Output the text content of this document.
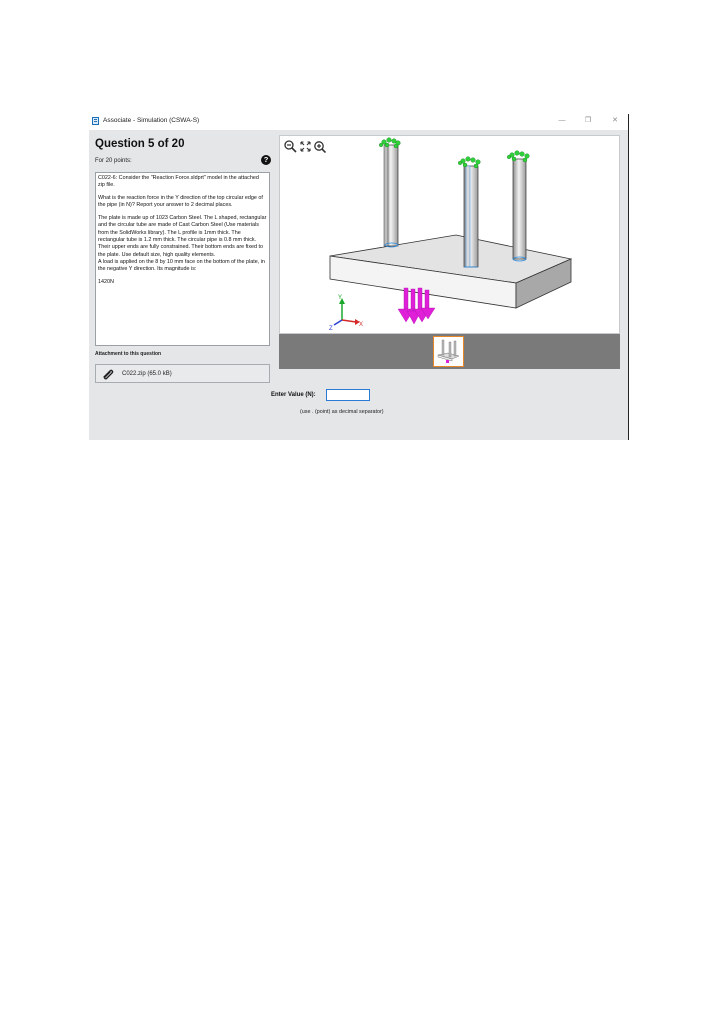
Associate - Simulation (CSWA-S)	—	❐	✕
Question 5 of 20
For 20 points:	?

C022-6: Consider the "Reaction Force.sldprt" model in the attached zip file.

What is the reaction force in the Y direction of the top circular edge of the pipe (in N)? Report your answer to 2 decimal places.

The plate is made up of 1023 Carbon Steel. The L shaped, rectangular and the circular tube are made of Cast Carbon Steel (Use materials from the SolidWorks library). The L profile is 1mm thick. The rectangular tube is 1.2 mm thick. The circular pipe is 0.8 mm thick. Their upper ends are fully constrained. Their bottom ends are fixed to the plate. Use default size, high quality elements.
A load is applied on the 8 by 10 mm face on the bottom of the plate, in the negative Y direction. Its magnitude is:

1420N

Attachment to this question
C022.zip (65.0 kB)
Y
X
Z
Enter Value (N):
(use . (point) as decimal separator)
